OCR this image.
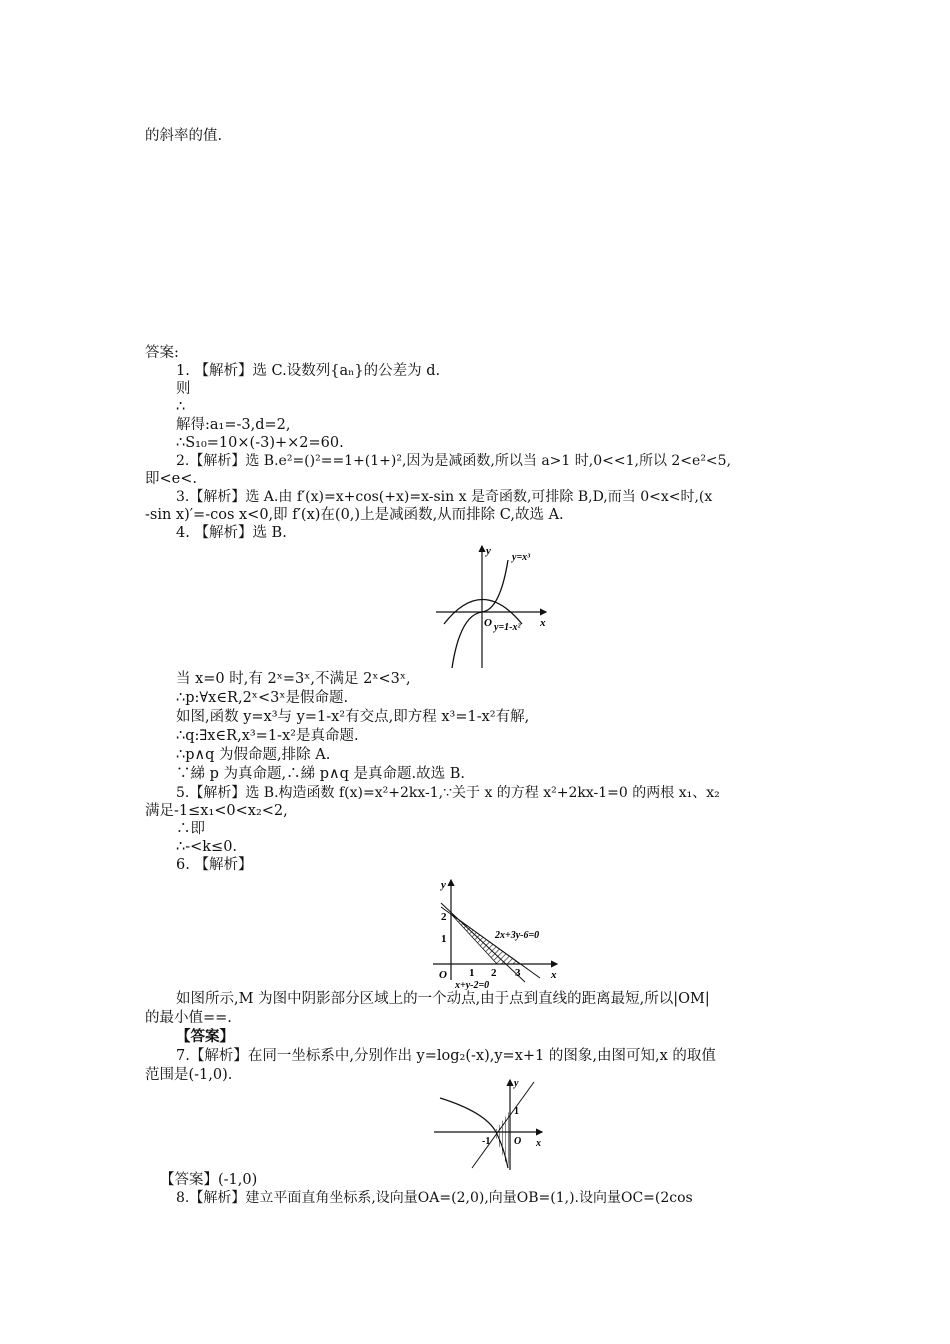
的斜率的值.
答案:
1. 【解析】选 C.设数列{aₙ}的公差为 d.
则
∴
解得:a₁=-3,d=2,
∴S₁₀=10×(-3)+×2=60.
2.【解析】选 B.e²=()²==1+(1+)²,因为是减函数,所以当 a>1 时,0<<1,所以 2<e²<5,
即<e<.
3.【解析】选 A.由 f′(x)=x+cos(+x)=x-sin x 是奇函数,可排除 B,D,而当 0<x<时,(x
-sin x)′=-cos x<0,即 f′(x)在(0,)上是减函数,从而排除 C,故选 A.
4. 【解析】选 B.
y
x
O
y=x³
y=1-x²
当 x=0 时,有 2ˣ=3ˣ,不满足 2ˣ<3ˣ,
∴p:∀x∈R,2ˣ<3ˣ是假命题.
如图,函数 y=x³与 y=1-x²有交点,即方程 x³=1-x²有解,
∴q:∃x∈R,x³=1-x²是真命题.
∴p∧q 为假命题,排除 A.
∵綈 p 为真命题,∴綈 p∧q 是真命题.故选 B.
5.【解析】选 B.构造函数 f(x)=x²+2kx-1,∵关于 x 的方程 x²+2kx-1=0 的两根 x₁、x₂
满足-1≤x₁<0<x₂<2,
∴即
∴-<k≤0.
6. 【解析】
y
x
O 1 2 3
1
2
2x+3y-6=0
x+y-2=0
如图所示,M 为图中阴影部分区域上的一个动点,由于点到直线的距离最短,所以|OM|
的最小值==.
【答案】
7.【解析】在同一坐标系中,分别作出 y=log₂(-x),y=x+1 的图象,由图可知,x 的取值
范围是(-1,0).
y
x
O
1
-1
【答案】(-1,0)
8.【解析】建立平面直角坐标系,设向量OA=(2,0),向量OB=(1,).设向量OC=(2cos
